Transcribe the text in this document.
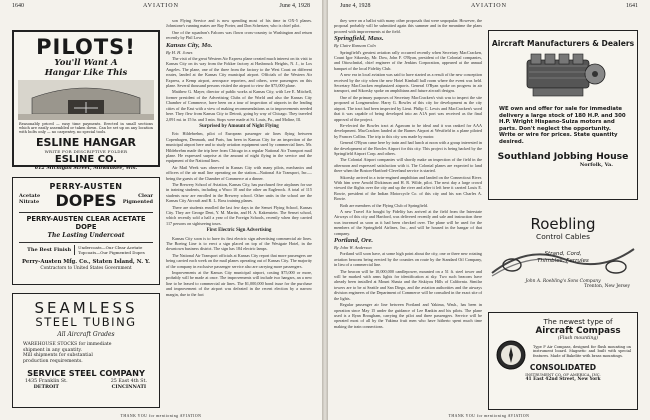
1640	AVIATION	June 4, 1928
PILOTS!
You'll Want A
Hangar Like This
Reasonably priced — easy time payments. Erected in small sections which are easily assembled or taken down. Can be set up on any location with bolts only — no carpentry, no special tools.
ESLINE HANGAR
WRITE FOR DESCRIPTIVE FOLDER
ESLINE CO.
612 Michigan Street, Milwaukee, Wis.
PERRY-AUSTEN
Acetate
Nitrate	DOPES	Clear
Pigmented
PERRY-AUSTEN CLEAR ACETATE DOPE
The Lasting Undercoat
The Best Finish Undercoats—Our Clear Acetate
Topcoats—Our Pigmented Dopes
Perry-Austen Mfg. Co., Staten Island, N. Y.
Contractors to United States Government
SEAMLESS
STEEL TUBING
All Aircraft Grades
WAREHOUSE STOCKS for immediate
shipment in any quantity.
Mill shipments for substantial
production requirements.
SERVICE STEEL COMPANY
1435 Franklin St.
DETROIT
25 East 4th St.
CINCINNATI

son Flying Service and is now spending most of his time in OX-5 planes. Johnstone's running mates are Ray Porter, and Don Schertzer, who is chief pilot.

One of the squadron's Falcons was flown cross-country to Washington and return recently by Phil Love.

Kansas City, Mo.
By H. H. Jones

The visit of the great Western Air Express plane created much interest on its visit to Kansas City on its way from the Fokker factory at Hasbrouck Heights, N. J., to Los Angeles. The plane, one of the three from the factory to the West Coast on different routes, landed at the Kansas City municipal airport. Officials of the Western Air Express, a Kemp airport, aerospace reporters, and others, were passengers on this plane. Several thousand persons visited the airport to view the $75,000 plane.

Matthew G. Mayer, director of public works at Kansas City, with Lee E. Mitchell, former president of the Advertising Clubs of the World and also the Kansas City Chamber of Commerce, have been on a tour of inspection of airports in the leading cities of the East with a view of making recommendations as to improvements needed here. They flew from Kansas City to Detroit, going by way of Chicago. They traveled 2,091 mi. in 15 hr. and 3 min. Stops were made at St. Louis, Pa., and Moline, Ill.

Surprised by Amount of Night Flying

Eric Hildebrehm, pilot of European passenger air lines flying between Copenhagen, Denmark, and Paris, has been in Kansas City for an inspection of the municipal airport here and to study aviation equipment used by commercial lines. Mr. Hildebrehm made the trip here from Chicago in a regular National Air Transport mail plane. He expressed surprise at the amount of night flying in the service and the equipment of the National lines.

Air Mail Week was observed in Kansas City with many pilots, mechanics and officers of the air mail line operating on the station—National Air Transport, Inc.—being the guests of the Chamber of Commerce at a dinner.

The Brewery School of Aviation, Kansas City, has purchased five airplanes for use in training students, including a Waco 10 and the other an Eaglerock. A total of 115 students now are enrolled in the Brewery school. Other units in the school are the Kansas City Aircraft and R. L. Ross training planes.

There are students enrolled the last few days in the Sensei Flying School, Kansas City. They are George Dent, Y. M. Martin, and H. A. Kakenstein. The Sensei school, which recently sold a half a year of the Foreign Schools, recently when they carried 117 persons on sightseeing tours.

First Electric Sign Advertising

Kansas City soon is to have its first electric sign advertising commercial air lines. The Boeing Line is to erect a sign placed on top of the Westgate Hotel, in the downtown business district. The sign has 184 electric lamps.

The National Air Transport officials at Kansas City report that more passengers are being carried each week on the mail planes operating out of Kansas City. The majority of the company in exclusive passenger service also are carrying more passengers.

Improvements at the Kansas City municipal airport, costing $75,000 or more, probably will be made at once. The improvements will include two hangars, an a new line to be leased to commercial air lines. The $1,000,000 bond issue for the purchase and improvement of the airport was defeated in the recent election by a narrow margin, due to the fact

THANK YOU for mentioning AVIATION
June 4, 1928	AVIATION	1641

they were on a ballot with many other proposals that were unpopular. However, the proposal probably will be submitted again this summer and in the meantime the plans proceed with improvements at the field.

Springfield, Mass.
By Claire Ransom Coln

Springfield's greatest aviation rally occurred recently when Secretary MacCracken, Count Igor Sikorsky, Mr. Dow, John F. O'Ryan, president of the Colonial companies, and Ottoschnitzl, chief engineer of the Jenkins Corporation, appeared at the annual banquet of the local Fidelity Club.

A new era in local aviation was said to have started as a result of the new conception received by the city when the new Hotel Kimball hall room where the event was held. Secretary MacCracken emphasized airports. General O'Ryan spoke on progress in air transport, and Sikorsky spoke on amphibians and future aircraft designs.

One of the primary purposes of Secretary MacCracken's visit was to inspect the site proposed at Longmeadow. Harry G. Bowles of this city for development as the city airport. The tract had been inspected by Lieut. Philip C. Lewis and MacCracken's word that it was capable of being developed into an A1A port was received as the final approval of the project.

Re-elected the Bowles tract at Agawam to be ideal and it was ranked for AAA development. MacCracken landed at the Barnes Airport at Westfield in a plane piloted by Frances Collins. The trip to this city was made by motor.

General O'Ryan came here by train and had lunch at noon with a group interested in the development of the Bowles Airport for this city. This project is being backed by the Springfield Airport Corp. and others.

The Colonial Airport companies will shortly make an inspection of the field in the afternoon and expressed satisfaction with it. The Colonial planes are expected to land there when the Boston-Hartford-Cleveland service is started.

Sikorsky arrived in a twin-engined amphibian and landed on the Connecticut River. With him were Arnold Dickinson and H. R. Wilde, pilot. The next day a large crowd viewed the flights over the city and up the river and after it left here it carried Louis E. Bowie, president of the Indian Motorcycle Co. of this city and his son Charles A. Bowie.

Both are members of the Flying Club of Springfield.

A new Travel Air bought by Fidelity has arrived at the field from the Interstate Airways of this city and Hartford, was delivered recently and sale and instruction there was increased as soon as it had been checked over. The plane will be used for the members of the Springfield Airlines, Inc., and will be housed in the hangar of that company.

Portland, Ore.
By John W. Anderson

Portland will soon have, at some high point about the city, one or three new rotating aviation beacons being erected by the counties on route by the Standard Oil Company, in lieu of a commercial line.

The beacon will be 10,000,000 candlepower, mounted on a 51 ft. steel tower and will be marked with arms lights for identification at sky. Two such beacons have already been installed at Mount Shasta and the Siskiyou Hills of California. Similar towers are to be at Seattle and San Diego, and the aviation authorities and the airways division engineers of the Department of Commerce will be consulted in the exact site of the lights.

Regular passenger air line between Portland and Yakima, Wash., has been in operation since May 15 under the guidance of Lee Rankin and his pilots. The plane used is a Ryan Brougham, carrying the pilot and three passengers. Service will be operated most of all by the Yakima fruit men who have hitherto spent much time making the train connections.

Aircraft Manufacturers & Dealers
WE own and offer for sale for immediate delivery a large stock of 180 H.P. and 300 H.P. Wright Hispano-Suiza motors and parts. Don't neglect the opportunity. Write or wire for prices. State quantity desired.
Southland Jobbing House
Norfolk, Va.
Roebling
Control Cables
Strand, Cord, Thimbles, Ferrules
John A. Roebling's Sons Company
Trenton, New Jersey
The newest type of
Aircraft Compass
(Flush mounting)
Type F Air Compass, designed for flush mounting on instrument board. Magnetic and built with special features. Made of Bakelite with brass mountings.
CONSOLIDATED
INSTRUMENT CO. OF AMERICA, INC.
41 East 42nd Street, New York
THANK YOU for mentioning AVIATION
